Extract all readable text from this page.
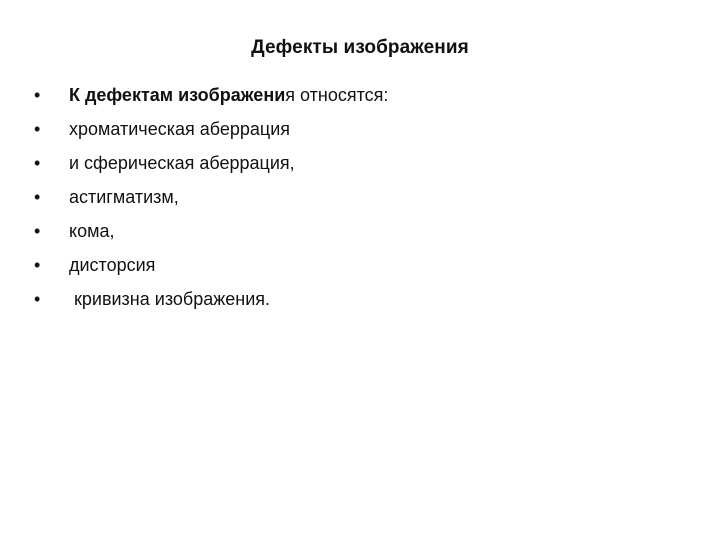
Дефекты изображения
•	К дефектам изображения относятся:
•	хроматическая аберрация
•	и сферическая аберрация,
•	астигматизм,
•	кома,
•	дисторсия
•	кривизна изображения.
